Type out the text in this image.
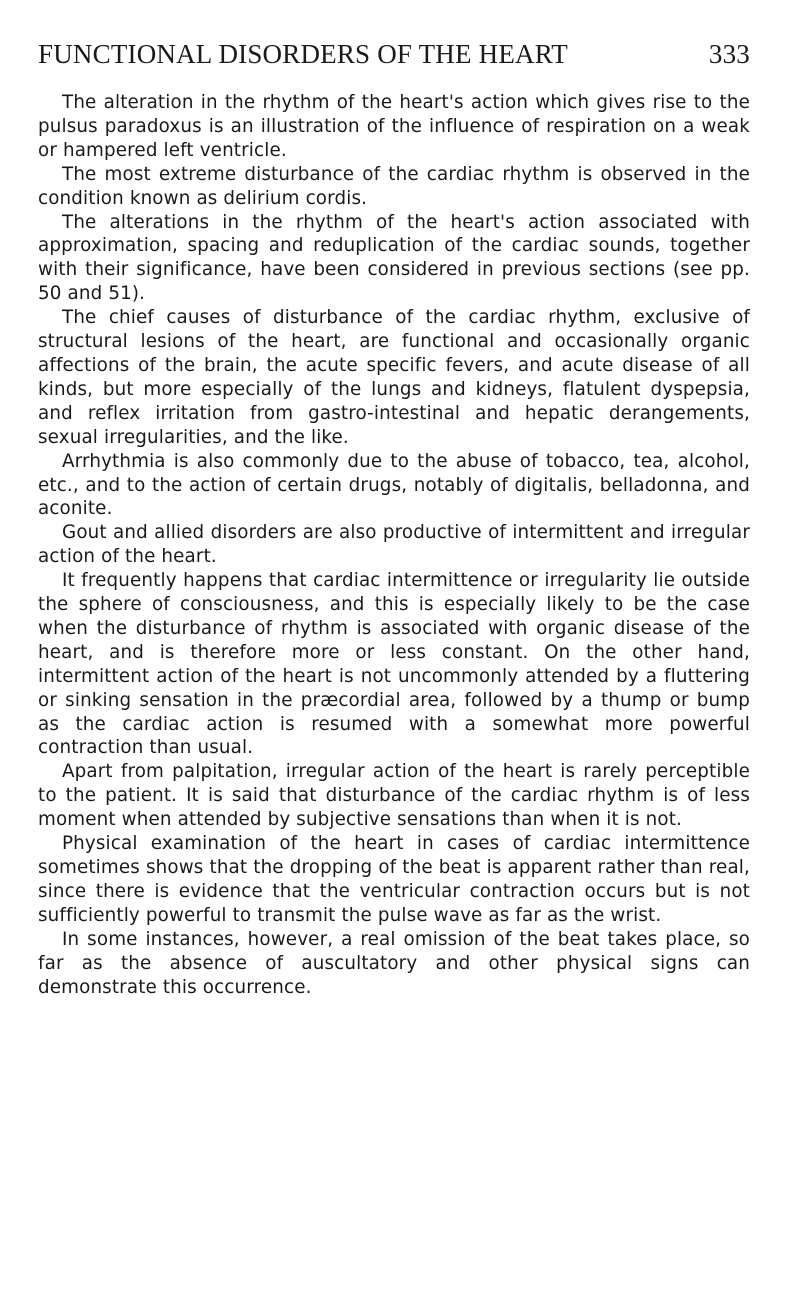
FUNCTIONAL DISORDERS OF THE HEART	333

The alteration in the rhythm of the heart's action which gives rise to the pulsus paradoxus is an illustration of the influence of respiration on a weak or hampered left ventricle.

The most extreme disturbance of the cardiac rhythm is observed in the condition known as delirium cordis.

The alterations in the rhythm of the heart's action associated with approximation, spacing and reduplication of the cardiac sounds, together with their significance, have been considered in previous sections (see pp. 50 and 51).

The chief causes of disturbance of the cardiac rhythm, exclusive of structural lesions of the heart, are functional and occasionally organic affections of the brain, the acute specific fevers, and acute disease of all kinds, but more especially of the lungs and kidneys, flatulent dyspepsia, and reflex irritation from gastro-intestinal and hepatic derangements, sexual irregularities, and the like.

Arrhythmia is also commonly due to the abuse of tobacco, tea, alcohol, etc., and to the action of certain drugs, notably of digitalis, belladonna, and aconite.

Gout and allied disorders are also productive of intermittent and irregular action of the heart.

It frequently happens that cardiac intermittence or irregularity lie outside the sphere of consciousness, and this is especially likely to be the case when the disturbance of rhythm is associated with organic disease of the heart, and is therefore more or less constant. On the other hand, intermittent action of the heart is not uncommonly attended by a fluttering or sinking sensation in the præcordial area, followed by a thump or bump as the cardiac action is resumed with a somewhat more powerful contraction than usual.

Apart from palpitation, irregular action of the heart is rarely perceptible to the patient. It is said that disturbance of the cardiac rhythm is of less moment when attended by subjective sensations than when it is not.

Physical examination of the heart in cases of cardiac intermittence sometimes shows that the dropping of the beat is apparent rather than real, since there is evidence that the ventricular contraction occurs but is not sufficiently powerful to transmit the pulse wave as far as the wrist.

In some instances, however, a real omission of the beat takes place, so far as the absence of auscultatory and other physical signs can demonstrate this occurrence.
